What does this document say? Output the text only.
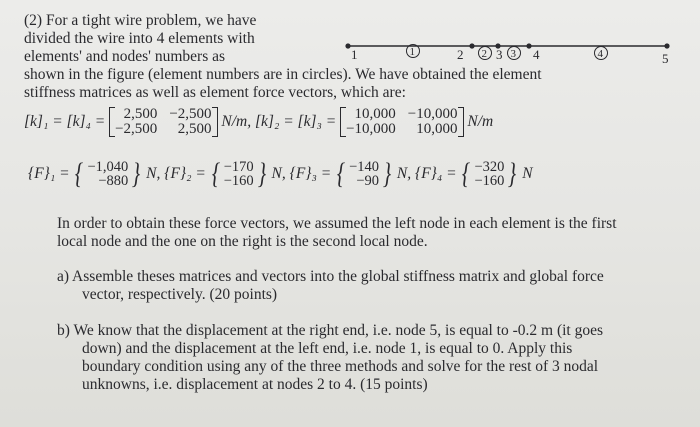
(2) For a tight wire problem, we have
divided the wire into 4 elements with
elements' and nodes' numbers as
shown in the figure (element numbers are in circles). We have obtained the element
stiffness matrices as well as element force vectors, which are:
1	2	3 4	5
1	2 3	4
[k]₁ = [k]₄ =	2,500 −2,500
−2,500	2,500 N/m, [k]₂ = [k]₃ =	10,000 −10,000
−10,000	10,000 N/m
{F}₁ = { −1,040
−880 } N, {F}₂ = { −170
−160 } N, {F}₃ = { −140
−90 } N, {F}₄ = { −320
−160 } N
In order to obtain these force vectors, we assumed the left node in each element is the first
local node and the one on the right is the second local node.
a) Assemble theses matrices and vectors into the global stiffness matrix and global force
vector, respectively. (20 points)
b) We know that the displacement at the right end, i.e. node 5, is equal to -0.2 m (it goes
down) and the displacement at the left end, i.e. node 1, is equal to 0. Apply this
boundary condition using any of the three methods and solve for the rest of 3 nodal
unknowns, i.e. displacement at nodes 2 to 4. (15 points)
